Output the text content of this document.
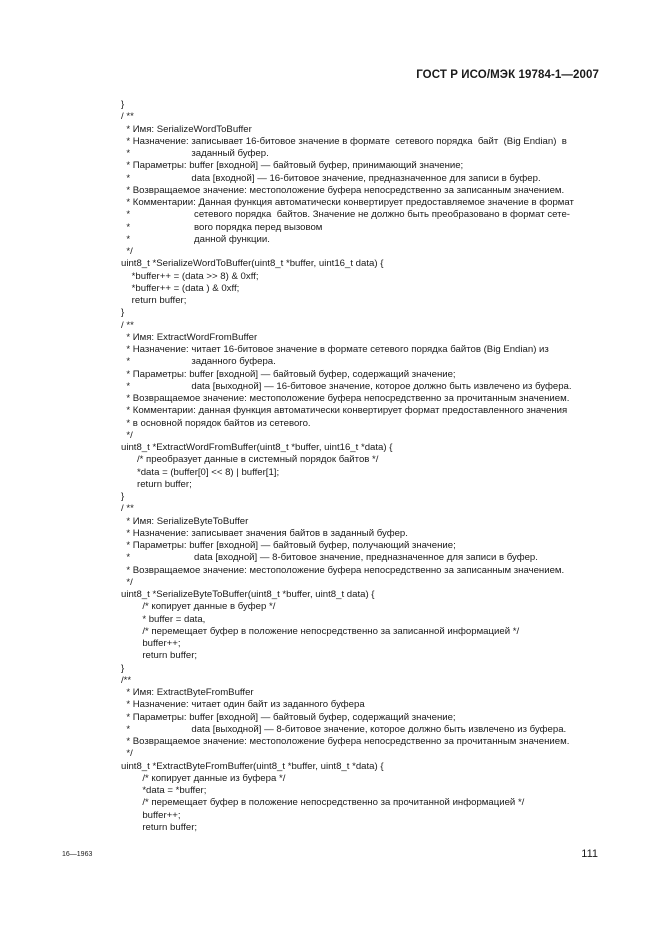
ГОСТ Р ИСО/МЭК 19784-1—2007
}
/ **
* Имя: SerializeWordToBuffer
* Назначение: записывает 16-битовое значение в формате  сетевого порядка  байт  (Big Endian)  в
*                       заданный буфер.
* Параметры: buffer [входной] — байтовый буфер, принимающий значение;
*                       data [входной] — 16-битовое значение, предназначенное для записи в буфер.
* Возвращаемое значение: местоположение буфера непосредственно за записанным значением.
* Комментарии: Данная функция автоматически конвертирует предоставляемое значение в формат
*                        сетевого порядка  байтов. Значение не должно быть преобразовано в формат сете-
*                        вого порядка перед вызовом
*                        данной функции.
*/
uint8_t *SerializeWordToBuffer(uint8_t *buffer, uint16_t data) {
*buffer++ = (data >> 8) & 0xff;
*buffer++ = (data ) & 0xff;
return buffer;
}
/ **
* Имя: ExtractWordFromBuffer
* Назначение: читает 16-битовое значение в формате сетевого порядка байтов (Big Endian) из
*                       заданного буфера.
* Параметры: buffer [входной] — байтовый буфер, содержащий значение;
*                       data [выходной] — 16-битовое значение, которое должно быть извлечено из буфера.
* Возвращаемое значение: местоположение буфера непосредственно за прочитанным значением.
* Комментарии: данная функция автоматически конвертирует формат предоставленного значения
* в основной порядок байтов из сетевого.
*/
uint8_t *ExtractWordFromBuffer(uint8_t *buffer, uint16_t *data) {
/* преобразует данные в системный порядок байтов */
*data = (buffer[0] << 8) | buffer[1];
return buffer;
}
/ **
* Имя: SerializeByteToBuffer
* Назначение: записывает значения байтов в заданный буфер.
* Параметры: buffer [входной] — байтовый буфер, получающий значение;
*                        data [входной] — 8-битовое значение, предназначенное для записи в буфер.
* Возвращаемое значение: местоположение буфера непосредственно за записанным значением.
*/
uint8_t *SerializeByteToBuffer(uint8_t *buffer, uint8_t data) {
/* копирует данные в буфер */
* buffer = data,
/* перемещает буфер в положение непосредственно за записанной информацией */
buffer++;
return buffer;
}
/**
* Имя: ExtractByteFromBuffer
* Назначение: читает один байт из заданного буфера
* Параметры: buffer [входной] — байтовый буфер, содержащий значение;
*                       data [выходной] — 8-битовое значение, которое должно быть извлечено из буфера.
* Возвращаемое значение: местоположение буфера непосредственно за прочитанным значением.
*/
uint8_t *ExtractByteFromBuffer(uint8_t *buffer, uint8_t *data) {
/* копирует данные из буфера */
*data = *buffer;
/* перемещает буфер в положение непосредственно за прочитанной информацией */
buffer++;
return buffer;
16—1963	111
